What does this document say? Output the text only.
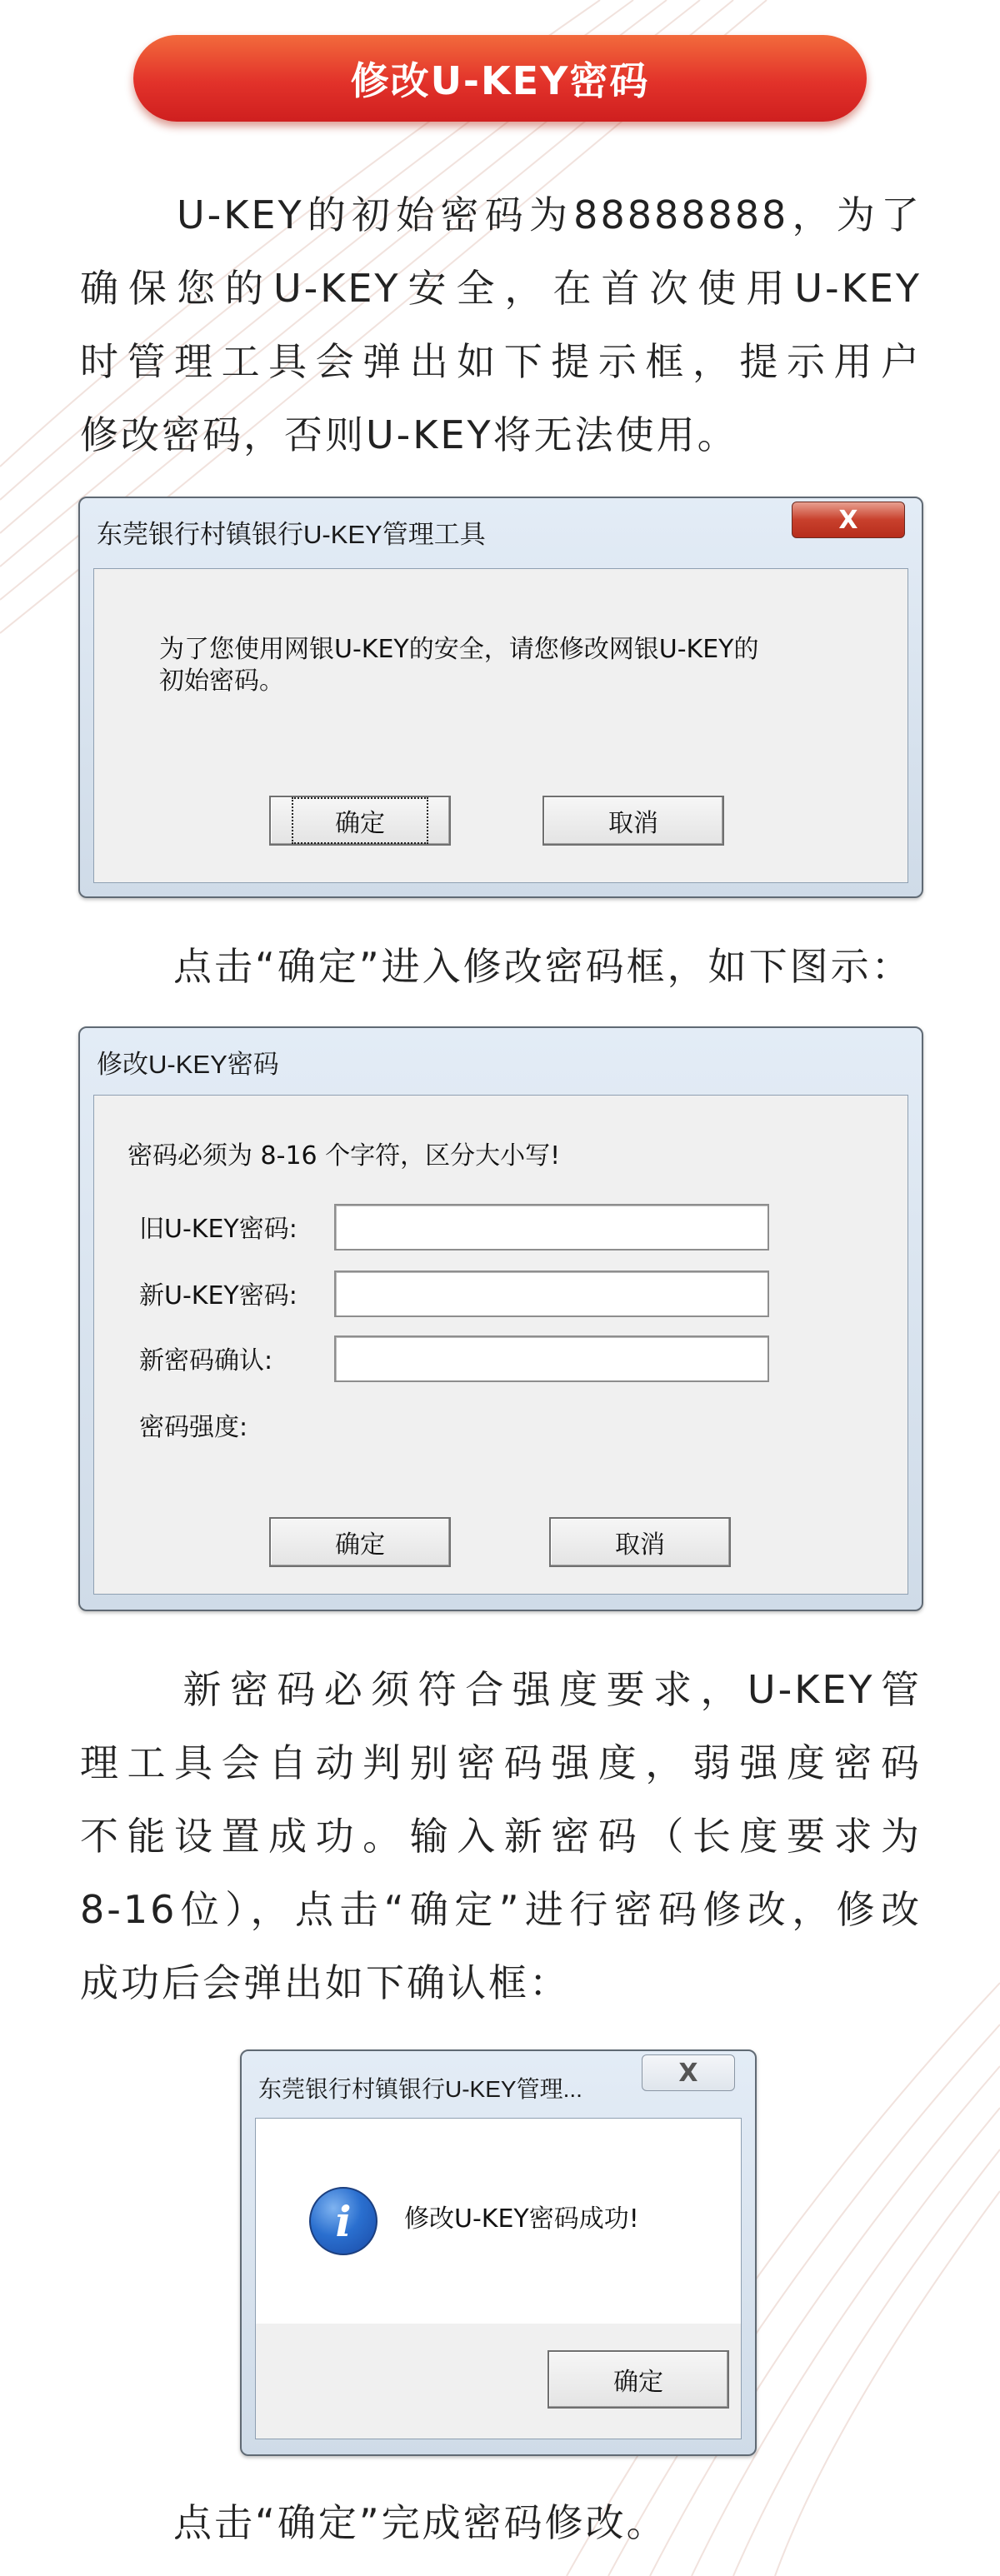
修改U-KEY密码
U-KEY的初始密码为88888888，为了
确保您的U-KEY安全，在首次使用U-KEY
时管理工具会弹出如下提示框，提示用户
修改密码，否则U-KEY将无法使用。
东莞银行村镇银行U-KEY管理工具	X
为了您使用网银U-KEY的安全，请您修改网银U-KEY的
初始密码。
确定	取消
点击“确定”进入修改密码框，如下图示：
修改U-KEY密码
密码必须为 8-16 个字符，区分大小写!
旧U-KEY密码:
新U-KEY密码:
新密码确认:
密码强度:
确定	取消
新密码必须符合强度要求，U-KEY管
理工具会自动判别密码强度，弱强度密码
不能设置成功。输入新密码（长度要求为
8-16位），点击“确定”进行密码修改，修改
成功后会弹出如下确认框：
东莞银行村镇银行U-KEY管理...
X
i	修改U-KEY密码成功!
确定
点击“确定”完成密码修改。
